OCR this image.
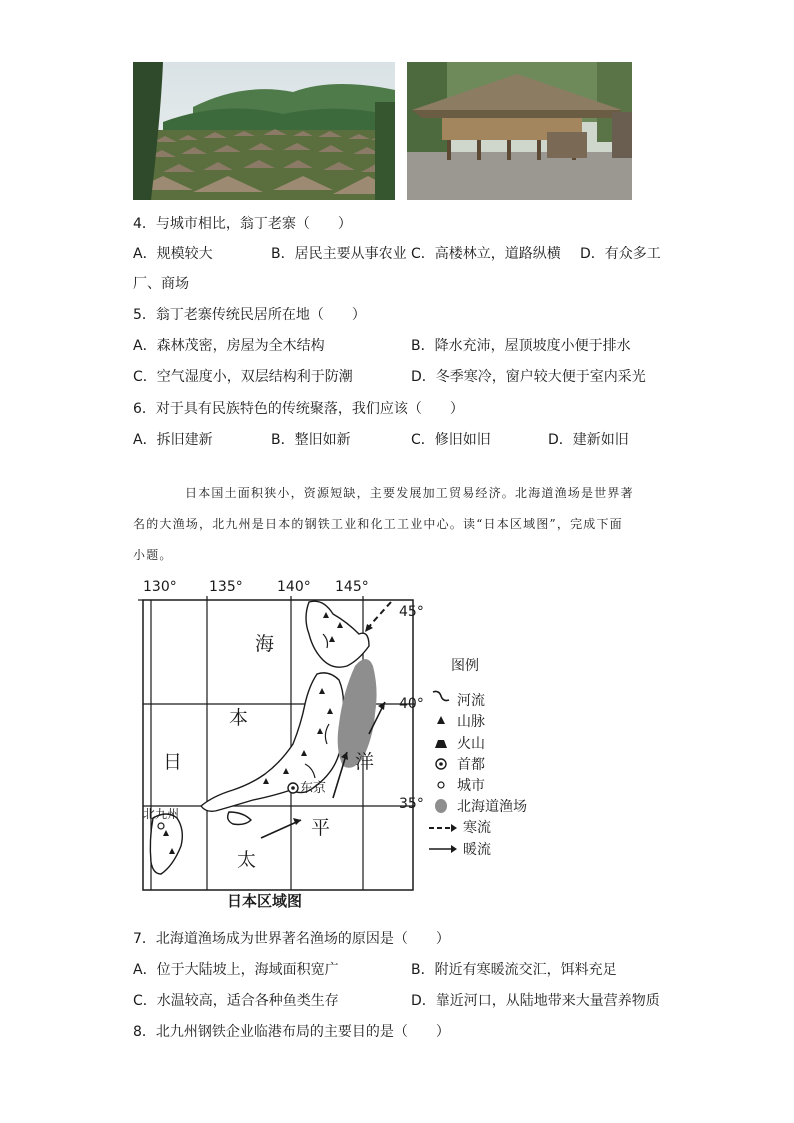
4．与城市相比，翁丁老寨（　　）
A．规模较大	B．居民主要从事农业 C．高楼林立，道路纵横 D．有众多工
厂、商场
5．翁丁老寨传统民居所在地（　　）
A．森林茂密，房屋为全木结构	B．降水充沛，屋顶坡度小便于排水
C．空气湿度小，双层结构利于防潮	D．冬季寒冷，窗户较大便于室内采光
6．对于具有民族特色的传统聚落，我们应该（　　）
A．拆旧建新	B．整旧如新	C．修旧如旧	D．建新如旧
日本国土面积狭小，资源短缺，主要发展加工贸易经济。北海道渔场是世界著
名的大渔场，北九州是日本的钢铁工业和化工工业中心。读“日本区域图”，完成下面
小题。
130° 135° 140° 145°
45°
40°
35°
海
本
日	洋
平
太
东京
北九州
日本区域图
图例
河流
山脉
火山
首都
城市
北海道渔场
寒流
暖流
7．北海道渔场成为世界著名渔场的原因是（　　）
A．位于大陆坡上，海域面积宽广	B．附近有寒暖流交汇，饵料充足
C．水温较高，适合各种鱼类生存	D．靠近河口，从陆地带来大量营养物质
8．北九州钢铁企业临港布局的主要目的是（　　）
